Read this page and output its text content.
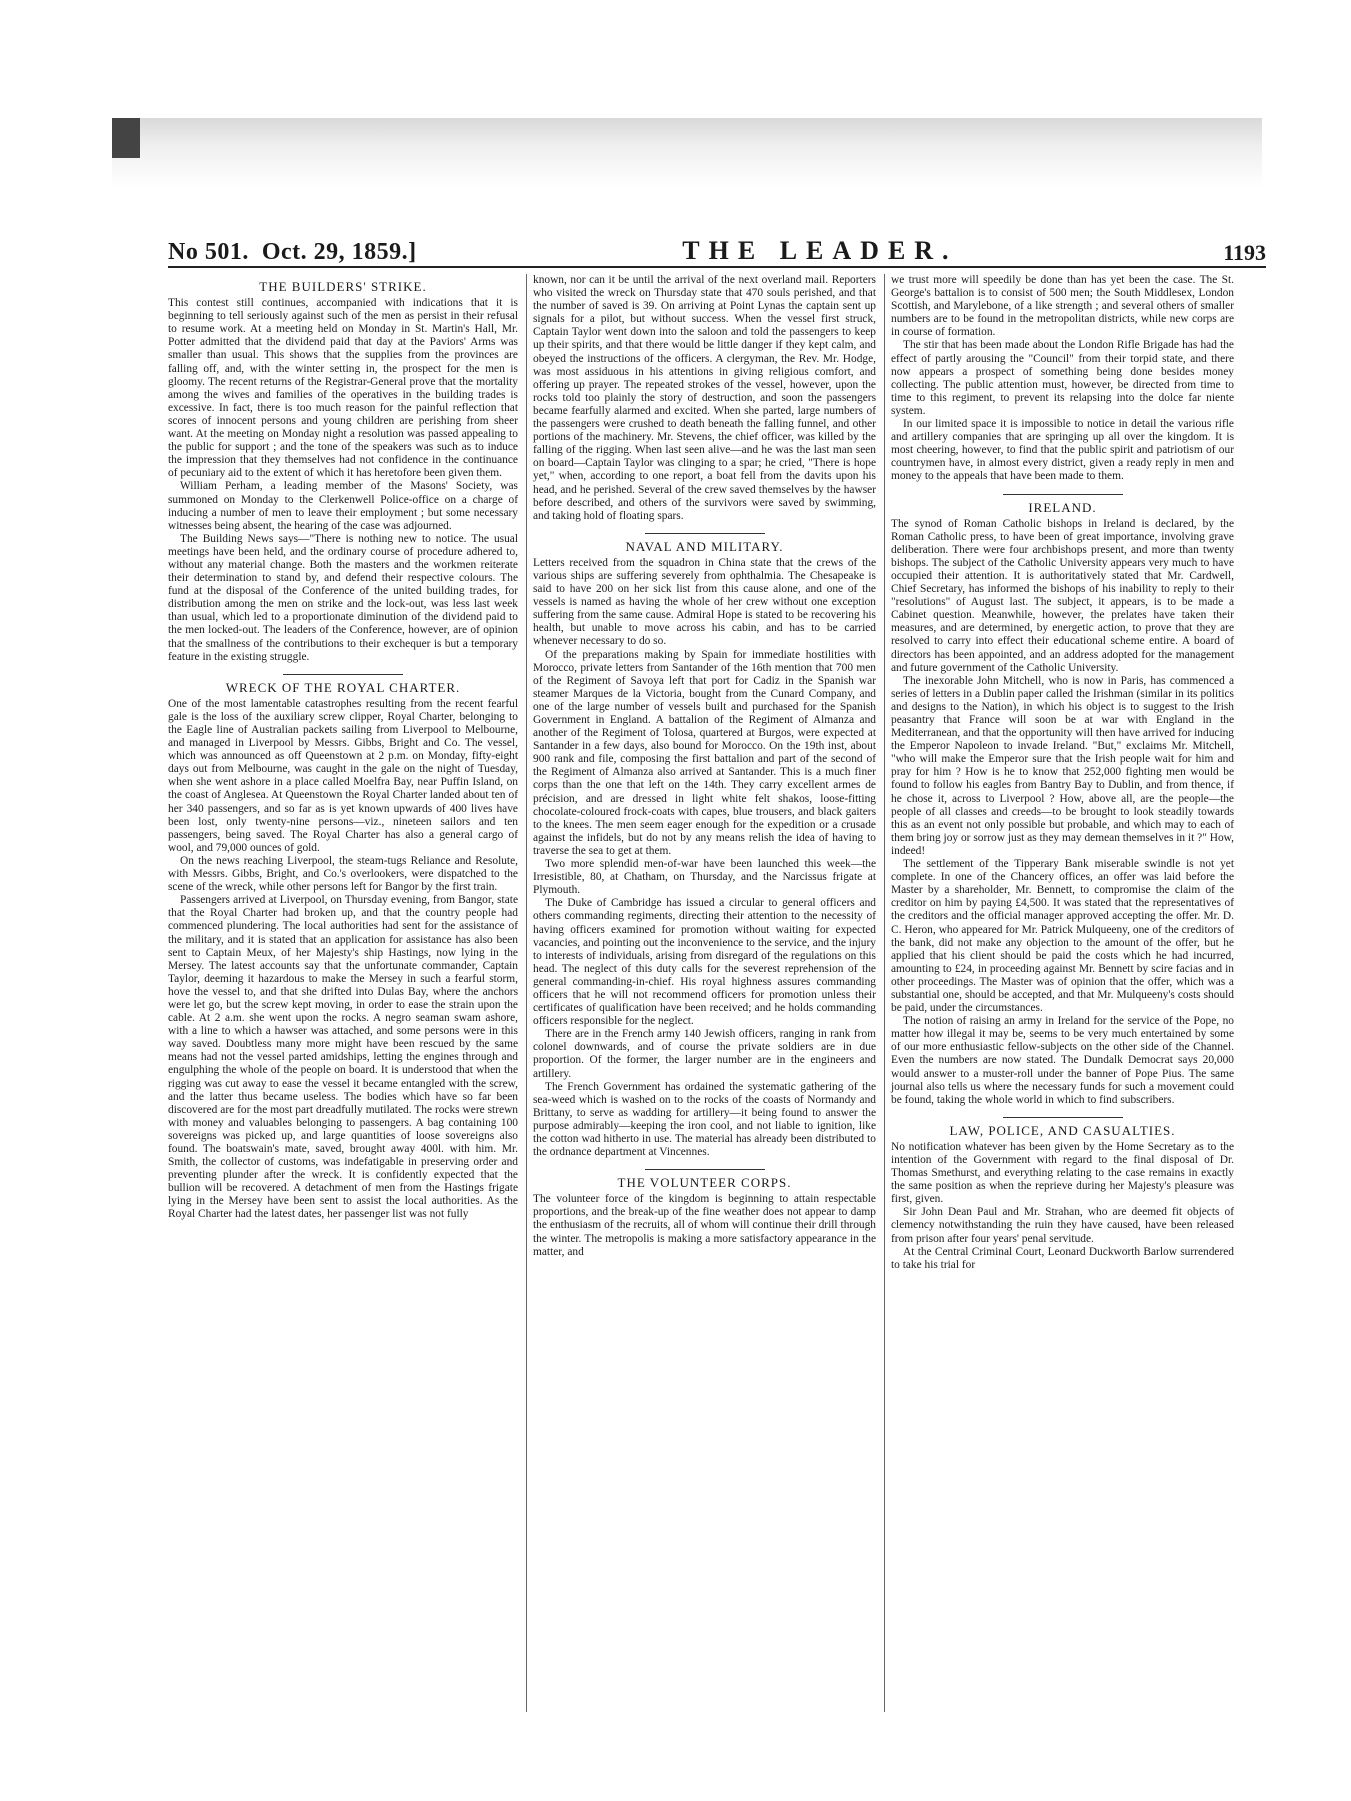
No 501. Oct. 29, 1859.]	THE LEADER.	1193
THE BUILDERS' STRIKE.

This contest still continues, accompanied with indications that it is beginning to tell seriously against such of the men as persist in their refusal to resume work. At a meeting held on Monday in St. Martin's Hall, Mr. Potter admitted that the dividend paid that day at the Paviors' Arms was smaller than usual. This shows that the supplies from the provinces are falling off, and, with the winter setting in, the prospect for the men is gloomy. The recent returns of the Registrar-General prove that the mortality among the wives and families of the operatives in the building trades is excessive. In fact, there is too much reason for the painful reflection that scores of innocent persons and young children are perishing from sheer want. At the meeting on Monday night a resolution was passed appealing to the public for support ; and the tone of the speakers was such as to induce the impression that they themselves had not confidence in the continuance of pecuniary aid to the extent of which it has heretofore been given them.

William Perham, a leading member of the Masons' Society, was summoned on Monday to the Clerkenwell Police-office on a charge of inducing a number of men to leave their employment ; but some necessary witnesses being absent, the hearing of the case was adjourned.

The Building News says—"There is nothing new to notice. The usual meetings have been held, and the ordinary course of procedure adhered to, without any material change. Both the masters and the workmen reiterate their determination to stand by, and defend their respective colours. The fund at the disposal of the Conference of the united building trades, for distribution among the men on strike and the lock-out, was less last week than usual, which led to a proportionate diminution of the dividend paid to the men locked-out. The leaders of the Conference, however, are of opinion that the smallness of the contributions to their exchequer is but a temporary feature in the existing struggle.

WRECK OF THE ROYAL CHARTER.

One of the most lamentable catastrophes resulting from the recent fearful gale is the loss of the auxiliary screw clipper, Royal Charter, belonging to the Eagle line of Australian packets sailing from Liverpool to Melbourne, and managed in Liverpool by Messrs. Gibbs, Bright and Co. The vessel, which was announced as off Queenstown at 2 p.m. on Monday, fifty-eight days out from Melbourne, was caught in the gale on the night of Tuesday, when she went ashore in a place called Moelfra Bay, near Puffin Island, on the coast of Anglesea. At Queenstown the Royal Charter landed about ten of her 340 passengers, and so far as is yet known upwards of 400 lives have been lost, only twenty-nine persons—viz., nineteen sailors and ten passengers, being saved. The Royal Charter has also a general cargo of wool, and 79,000 ounces of gold.

On the news reaching Liverpool, the steam-tugs Reliance and Resolute, with Messrs. Gibbs, Bright, and Co.'s overlookers, were dispatched to the scene of the wreck, while other persons left for Bangor by the first train.

Passengers arrived at Liverpool, on Thursday evening, from Bangor, state that the Royal Charter had broken up, and that the country people had commenced plundering. The local authorities had sent for the assistance of the military, and it is stated that an application for assistance has also been sent to Captain Meux, of her Majesty's ship Hastings, now lying in the Mersey. The latest accounts say that the unfortunate commander, Captain Taylor, deeming it hazardous to make the Mersey in such a fearful storm, hove the vessel to, and that she drifted into Dulas Bay, where the anchors were let go, but the screw kept moving, in order to ease the strain upon the cable. At 2 a.m. she went upon the rocks. A negro seaman swam ashore, with a line to which a hawser was attached, and some persons were in this way saved. Doubtless many more might have been rescued by the same means had not the vessel parted amidships, letting the engines through and engulphing the whole of the people on board. It is understood that when the rigging was cut away to ease the vessel it became entangled with the screw, and the latter thus became useless. The bodies which have so far been discovered are for the most part dreadfully mutilated. The rocks were strewn with money and valuables belonging to passengers. A bag containing 100 sovereigns was picked up, and large quantities of loose sovereigns also found. The boatswain's mate, saved, brought away 400l. with him. Mr. Smith, the collector of customs, was indefatigable in preserving order and preventing plunder after the wreck. It is confidently expected that the bullion will be recovered. A detachment of men from the Hastings frigate lying in the Mersey have been sent to assist the local authorities. As the Royal Charter had the latest dates, her passenger list was not fully

known, nor can it be until the arrival of the next overland mail. Reporters who visited the wreck on Thursday state that 470 souls perished, and that the number of saved is 39. On arriving at Point Lynas the captain sent up signals for a pilot, but without success. When the vessel first struck, Captain Taylor went down into the saloon and told the passengers to keep up their spirits, and that there would be little danger if they kept calm, and obeyed the instructions of the officers. A clergyman, the Rev. Mr. Hodge, was most assiduous in his attentions in giving religious comfort, and offering up prayer. The repeated strokes of the vessel, however, upon the rocks told too plainly the story of destruction, and soon the passengers became fearfully alarmed and excited. When she parted, large numbers of the passengers were crushed to death beneath the falling funnel, and other portions of the machinery. Mr. Stevens, the chief officer, was killed by the falling of the rigging. When last seen alive—and he was the last man seen on board—Captain Taylor was clinging to a spar; he cried, "There is hope yet," when, according to one report, a boat fell from the davits upon his head, and he perished. Several of the crew saved themselves by the hawser before described, and others of the survivors were saved by swimming, and taking hold of floating spars.

NAVAL AND MILITARY.

Letters received from the squadron in China state that the crews of the various ships are suffering severely from ophthalmia. The Chesapeake is said to have 200 on her sick list from this cause alone, and one of the vessels is named as having the whole of her crew without one exception suffering from the same cause. Admiral Hope is stated to be recovering his health, but unable to move across his cabin, and has to be carried whenever necessary to do so.

Of the preparations making by Spain for immediate hostilities with Morocco, private letters from Santander of the 16th mention that 700 men of the Regiment of Savoya left that port for Cadiz in the Spanish war steamer Marques de la Victoria, bought from the Cunard Company, and one of the large number of vessels built and purchased for the Spanish Government in England. A battalion of the Regiment of Almanza and another of the Regiment of Tolosa, quartered at Burgos, were expected at Santander in a few days, also bound for Morocco. On the 19th inst, about 900 rank and file, composing the first battalion and part of the second of the Regiment of Almanza also arrived at Santander. This is a much finer corps than the one that left on the 14th. They carry excellent armes de précision, and are dressed in light white felt shakos, loose-fitting chocolate-coloured frock-coats with capes, blue trousers, and black gaiters to the knees. The men seem eager enough for the expedition or a crusade against the infidels, but do not by any means relish the idea of having to traverse the sea to get at them.

Two more splendid men-of-war have been launched this week—the Irresistible, 80, at Chatham, on Thursday, and the Narcissus frigate at Plymouth.

The Duke of Cambridge has issued a circular to general officers and others commanding regiments, directing their attention to the necessity of having officers examined for promotion without waiting for expected vacancies, and pointing out the inconvenience to the service, and the injury to interests of individuals, arising from disregard of the regulations on this head. The neglect of this duty calls for the severest reprehension of the general commanding-in-chief. His royal highness assures commanding officers that he will not recommend officers for promotion unless their certificates of qualification have been received; and he holds commanding officers responsible for the neglect.

There are in the French army 140 Jewish officers, ranging in rank from colonel downwards, and of course the private soldiers are in due proportion. Of the former, the larger number are in the engineers and artillery.

The French Government has ordained the systematic gathering of the sea-weed which is washed on to the rocks of the coasts of Normandy and Brittany, to serve as wadding for artillery—it being found to answer the purpose admirably—keeping the iron cool, and not liable to ignition, like the cotton wad hitherto in use. The material has already been distributed to the ordnance department at Vincennes.

THE VOLUNTEER CORPS.

The volunteer force of the kingdom is beginning to attain respectable proportions, and the break-up of the fine weather does not appear to damp the enthusiasm of the recruits, all of whom will continue their drill through the winter. The metropolis is making a more satisfactory appearance in the matter, and

we trust more will speedily be done than has yet been the case. The St. George's battalion is to consist of 500 men; the South Middlesex, London Scottish, and Marylebone, of a like strength ; and several others of smaller numbers are to be found in the metropolitan districts, while new corps are in course of formation.

The stir that has been made about the London Rifle Brigade has had the effect of partly arousing the "Council" from their torpid state, and there now appears a prospect of something being done besides money collecting. The public attention must, however, be directed from time to time to this regiment, to prevent its relapsing into the dolce far niente system.

In our limited space it is impossible to notice in detail the various rifle and artillery companies that are springing up all over the kingdom. It is most cheering, however, to find that the public spirit and patriotism of our countrymen have, in almost every district, given a ready reply in men and money to the appeals that have been made to them.

IRELAND.

The synod of Roman Catholic bishops in Ireland is declared, by the Roman Catholic press, to have been of great importance, involving grave deliberation. There were four archbishops present, and more than twenty bishops. The subject of the Catholic University appears very much to have occupied their attention. It is authoritatively stated that Mr. Cardwell, Chief Secretary, has informed the bishops of his inability to reply to their "resolutions" of August last. The subject, it appears, is to be made a Cabinet question. Meanwhile, however, the prelates have taken their measures, and are determined, by energetic action, to prove that they are resolved to carry into effect their educational scheme entire. A board of directors has been appointed, and an address adopted for the management and future government of the Catholic University.

The inexorable John Mitchell, who is now in Paris, has commenced a series of letters in a Dublin paper called the Irishman (similar in its politics and designs to the Nation), in which his object is to suggest to the Irish peasantry that France will soon be at war with England in the Mediterranean, and that the opportunity will then have arrived for inducing the Emperor Napoleon to invade Ireland. "But," exclaims Mr. Mitchell, "who will make the Emperor sure that the Irish people wait for him and pray for him ? How is he to know that 252,000 fighting men would be found to follow his eagles from Bantry Bay to Dublin, and from thence, if he chose it, across to Liverpool ? How, above all, are the people—the people of all classes and creeds—to be brought to look steadily towards this as an event not only possible but probable, and which may to each of them bring joy or sorrow just as they may demean themselves in it ?" How, indeed!

The settlement of the Tipperary Bank miserable swindle is not yet complete. In one of the Chancery offices, an offer was laid before the Master by a shareholder, Mr. Bennett, to compromise the claim of the creditor on him by paying £4,500. It was stated that the representatives of the creditors and the official manager approved accepting the offer. Mr. D. C. Heron, who appeared for Mr. Patrick Mulqueeny, one of the creditors of the bank, did not make any objection to the amount of the offer, but he applied that his client should be paid the costs which he had incurred, amounting to £24, in proceeding against Mr. Bennett by scire facias and in other proceedings. The Master was of opinion that the offer, which was a substantial one, should be accepted, and that Mr. Mulqueeny's costs should be paid, under the circumstances.

The notion of raising an army in Ireland for the service of the Pope, no matter how illegal it may be, seems to be very much entertained by some of our more enthusiastic fellow-subjects on the other side of the Channel. Even the numbers are now stated. The Dundalk Democrat says 20,000 would answer to a muster-roll under the banner of Pope Pius. The same journal also tells us where the necessary funds for such a movement could be found, taking the whole world in which to find subscribers.

LAW, POLICE, AND CASUALTIES.

No notification whatever has been given by the Home Secretary as to the intention of the Government with regard to the final disposal of Dr. Thomas Smethurst, and everything relating to the case remains in exactly the same position as when the reprieve during her Majesty's pleasure was first, given.

Sir John Dean Paul and Mr. Strahan, who are deemed fit objects of clemency notwithstanding the ruin they have caused, have been released from prison after four years' penal servitude.

At the Central Criminal Court, Leonard Duckworth Barlow surrendered to take his trial for
